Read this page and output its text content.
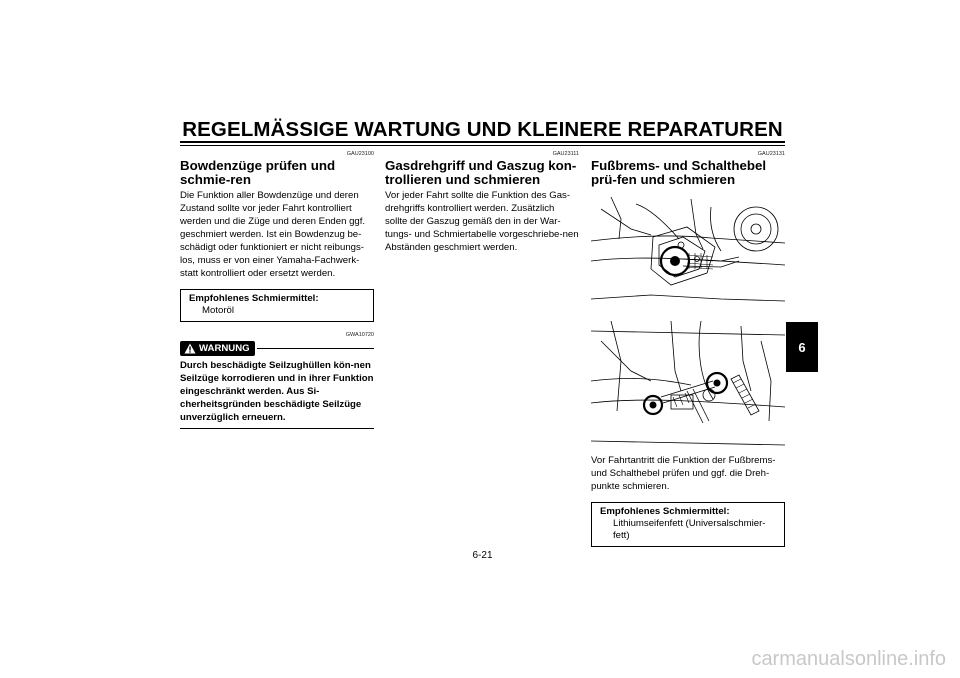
REGELMÄSSIGE WARTUNG UND KLEINERE REPARATUREN
GAU23100
Bowdenzüge prüfen und schmie-ren
Die Funktion aller Bowdenzüge und deren Zustand sollte vor jeder Fahrt kontrolliert werden und die Züge und deren Enden ggf. geschmiert werden. Ist ein Bowdenzug be-schädigt oder funktioniert er nicht reibungs-los, muss er von einer Yamaha-Fachwerk-statt kontrolliert oder ersetzt werden.
Empfohlenes Schmiermittel:
Motoröl
GWA10720
WARNUNG
Durch beschädigte Seilzughüllen kön-nen Seilzüge korrodieren und in ihrer Funktion eingeschränkt werden. Aus Si-cherheitsgründen beschädigte Seilzüge unverzüglich erneuern.
GAU23111
Gasdrehgriff und Gaszug kon-trollieren und schmieren
Vor jeder Fahrt sollte die Funktion des Gas-drehgriffs kontrolliert werden. Zusätzlich sollte der Gaszug gemäß den in der War-tungs- und Schmiertabelle vorgeschriebe-nen Abständen geschmiert werden.
GAU23131
Fußbrems- und Schalthebel prü-fen und schmieren
Vor Fahrtantritt die Funktion der Fußbrems- und Schalthebel prüfen und ggf. die Dreh-punkte schmieren.
Empfohlenes Schmiermittel:
Lithiumseifenfett (Universalschmier-fett)
6-21
6
carmanualsonline.info
